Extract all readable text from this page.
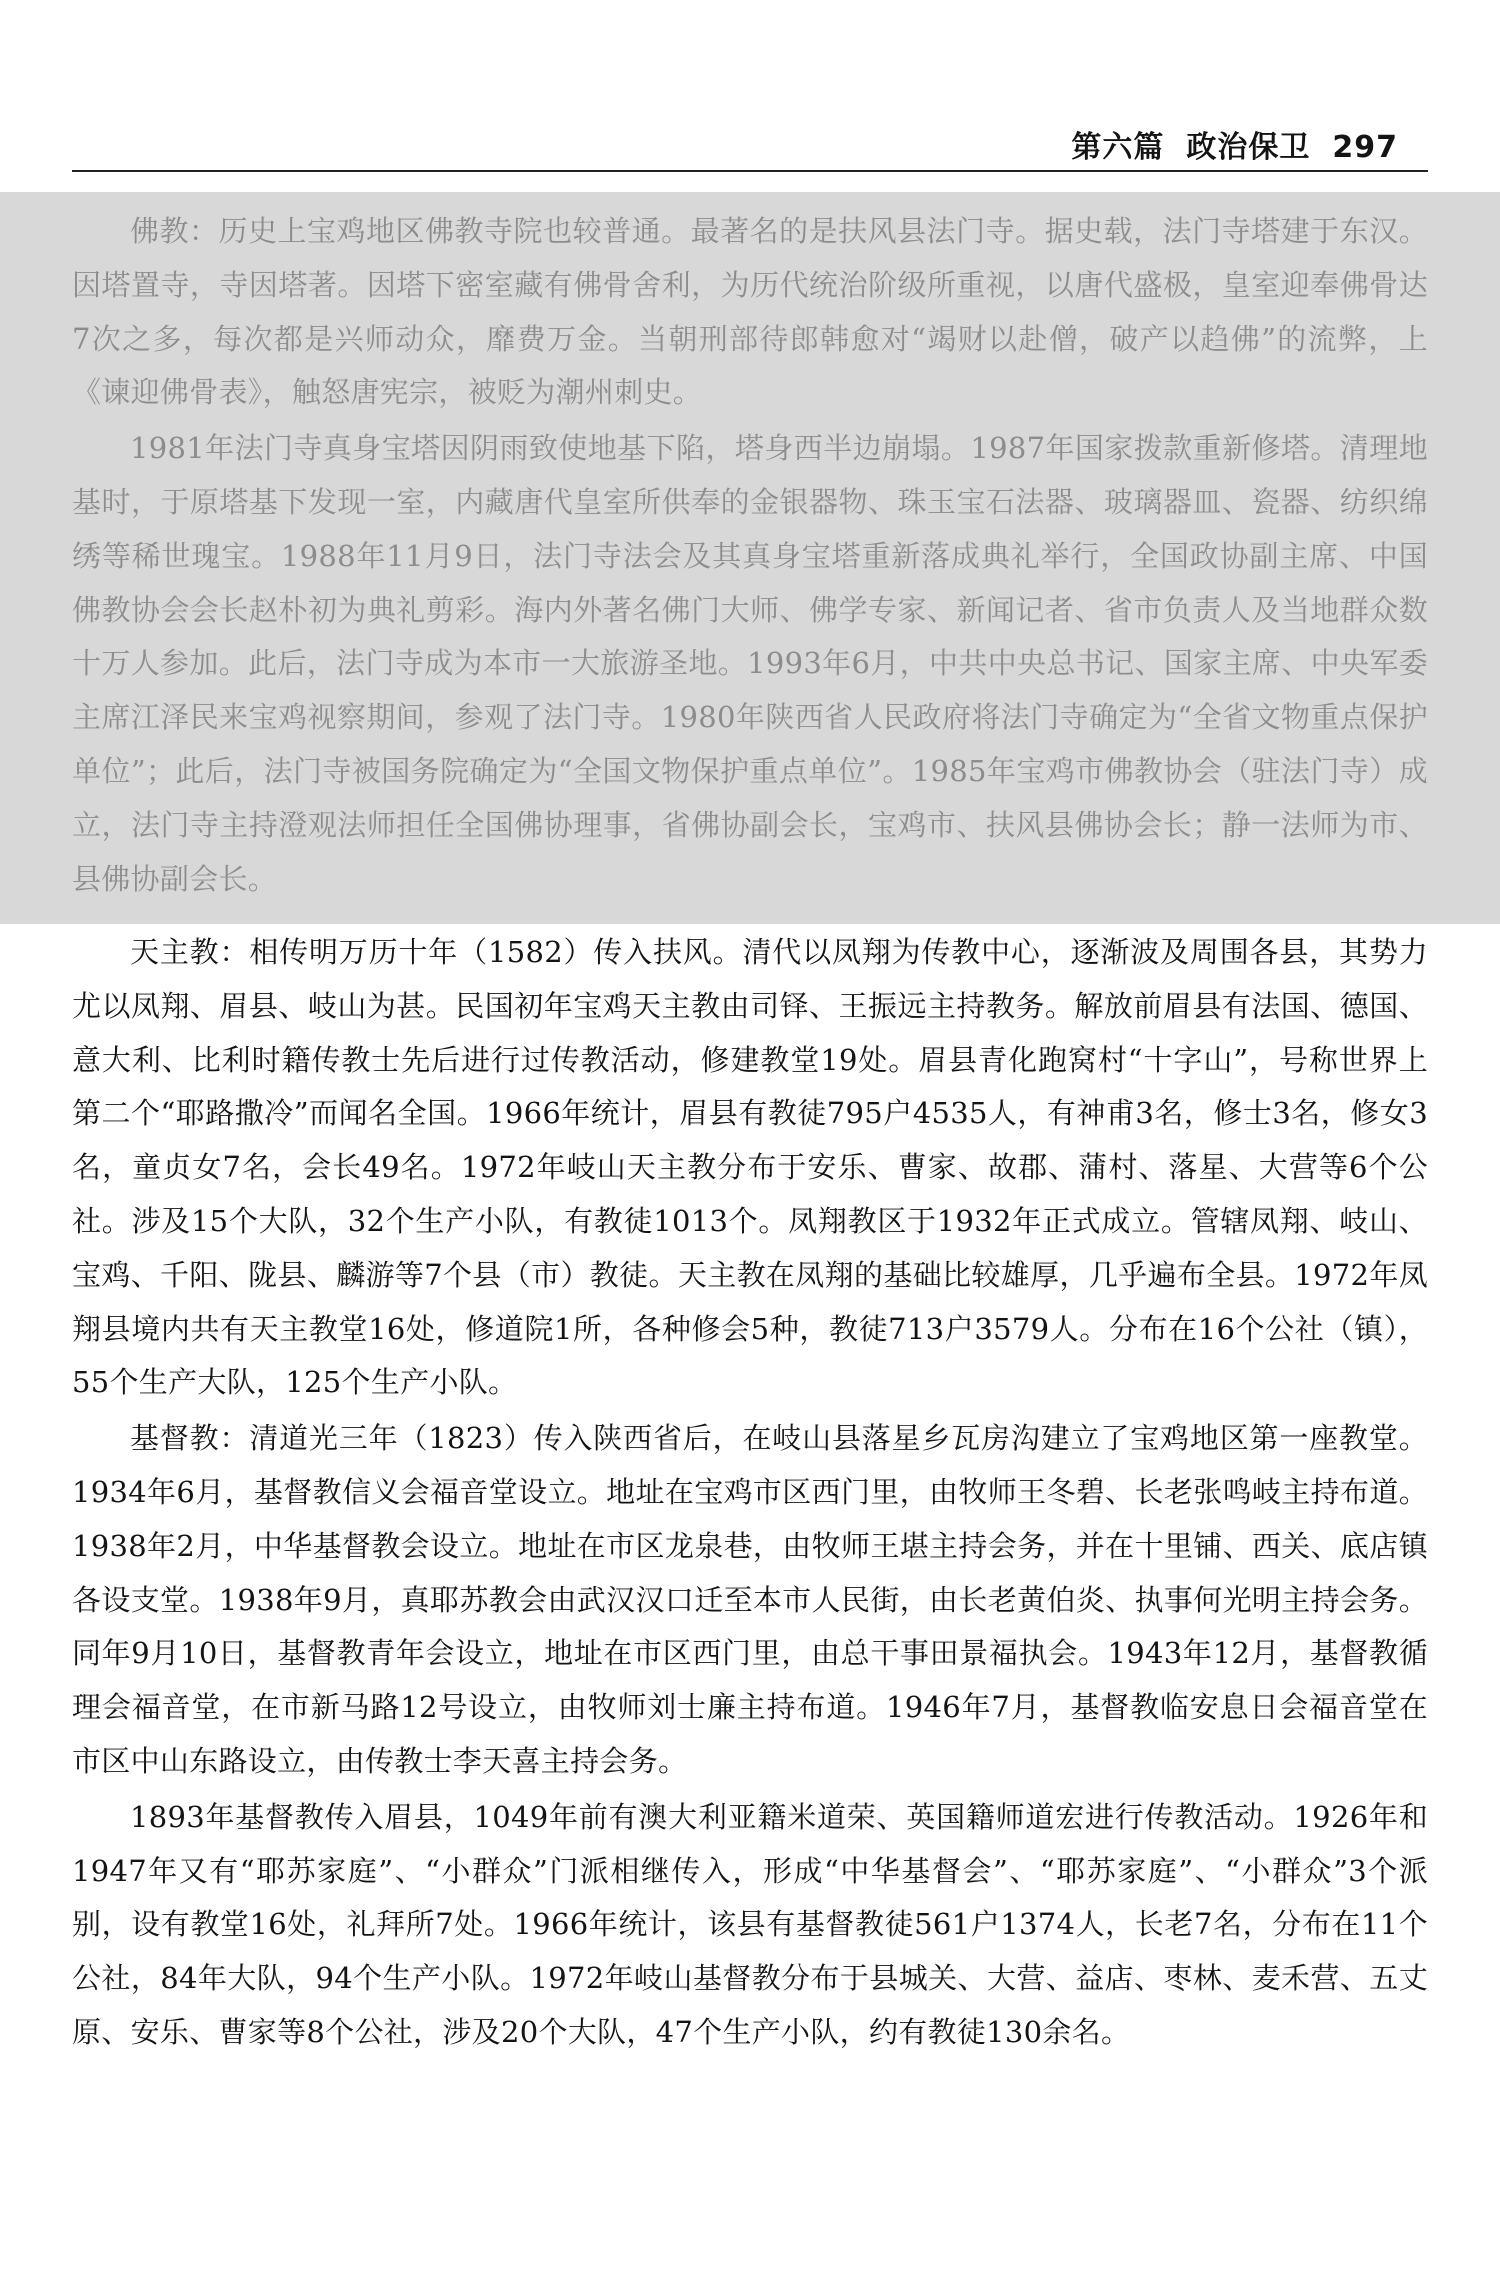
第六篇 政治保卫 297

佛教：历史上宝鸡地区佛教寺院也较普通。最著名的是扶风县法门寺。据史载，法门寺塔建于东汉。因塔置寺，寺因塔著。因塔下密室藏有佛骨舍利，为历代统治阶级所重视，以唐代盛极，皇室迎奉佛骨达7次之多，每次都是兴师动众，靡费万金。当朝刑部待郎韩愈对“竭财以赴僧，破产以趋佛”的流弊，上《谏迎佛骨表》，触怒唐宪宗，被贬为潮州刺史。

1981年法门寺真身宝塔因阴雨致使地基下陷，塔身西半边崩塌。1987年国家拨款重新修塔。清理地基时，于原塔基下发现一室，内藏唐代皇室所供奉的金银器物、珠玉宝石法器、玻璃器皿、瓷器、纺织绵绣等稀世瑰宝。1988年11月9日，法门寺法会及其真身宝塔重新落成典礼举行，全国政协副主席、中国佛教协会会长赵朴初为典礼剪彩。海内外著名佛门大师、佛学专家、新闻记者、省市负责人及当地群众数十万人参加。此后，法门寺成为本市一大旅游圣地。1993年6月，中共中央总书记、国家主席、中央军委主席江泽民来宝鸡视察期间，参观了法门寺。1980年陕西省人民政府将法门寺确定为“全省文物重点保护单位”；此后，法门寺被国务院确定为“全国文物保护重点单位”。1985年宝鸡市佛教协会（驻法门寺）成立，法门寺主持澄观法师担任全国佛协理事，省佛协副会长，宝鸡市、扶风县佛协会长；静一法师为市、县佛协副会长。

天主教：相传明万历十年（1582）传入扶风。清代以凤翔为传教中心，逐渐波及周围各县，其势力尤以凤翔、眉县、岐山为甚。民国初年宝鸡天主教由司铎、王振远主持教务。解放前眉县有法国、德国、意大利、比利时籍传教士先后进行过传教活动，修建教堂19处。眉县青化跑窝村“十字山”，号称世界上第二个“耶路撒冷”而闻名全国。1966年统计，眉县有教徒795户4535人，有神甫3名，修士3名，修女3名，童贞女7名，会长49名。1972年岐山天主教分布于安乐、曹家、故郡、蒲村、落星、大营等6个公社。涉及15个大队，32个生产小队，有教徒1013个。凤翔教区于1932年正式成立。管辖凤翔、岐山、宝鸡、千阳、陇县、麟游等7个县（市）教徒。天主教在凤翔的基础比较雄厚，几乎遍布全县。1972年凤翔县境内共有天主教堂16处，修道院1所，各种修会5种，教徒713户3579人。分布在16个公社（镇），55个生产大队，125个生产小队。

基督教：清道光三年（1823）传入陕西省后，在岐山县落星乡瓦房沟建立了宝鸡地区第一座教堂。1934年6月，基督教信义会福音堂设立。地址在宝鸡市区西门里，由牧师王冬碧、长老张鸣岐主持布道。1938年2月，中华基督教会设立。地址在市区龙泉巷，由牧师王堪主持会务，并在十里铺、西关、底店镇各设支堂。1938年9月，真耶苏教会由武汉汉口迁至本市人民街，由长老黄伯炎、执事何光明主持会务。同年9月10日，基督教青年会设立，地址在市区西门里，由总干事田景福执会。1943年12月，基督教循理会福音堂，在市新马路12号设立，由牧师刘士廉主持布道。1946年7月，基督教临安息日会福音堂在市区中山东路设立，由传教士李天喜主持会务。

1893年基督教传入眉县，1049年前有澳大利亚籍米道荣、英国籍师道宏进行传教活动。1926年和1947年又有“耶苏家庭”、“小群众”门派相继传入，形成“中华基督会”、“耶苏家庭”、“小群众”3个派别，设有教堂16处，礼拜所7处。1966年统计，该县有基督教徒561户1374人，长老7名，分布在11个公社，84年大队，94个生产小队。1972年岐山基督教分布于县城关、大营、益店、枣林、麦禾营、五丈原、安乐、曹家等8个公社，涉及20个大队，47个生产小队，约有教徒130余名。
